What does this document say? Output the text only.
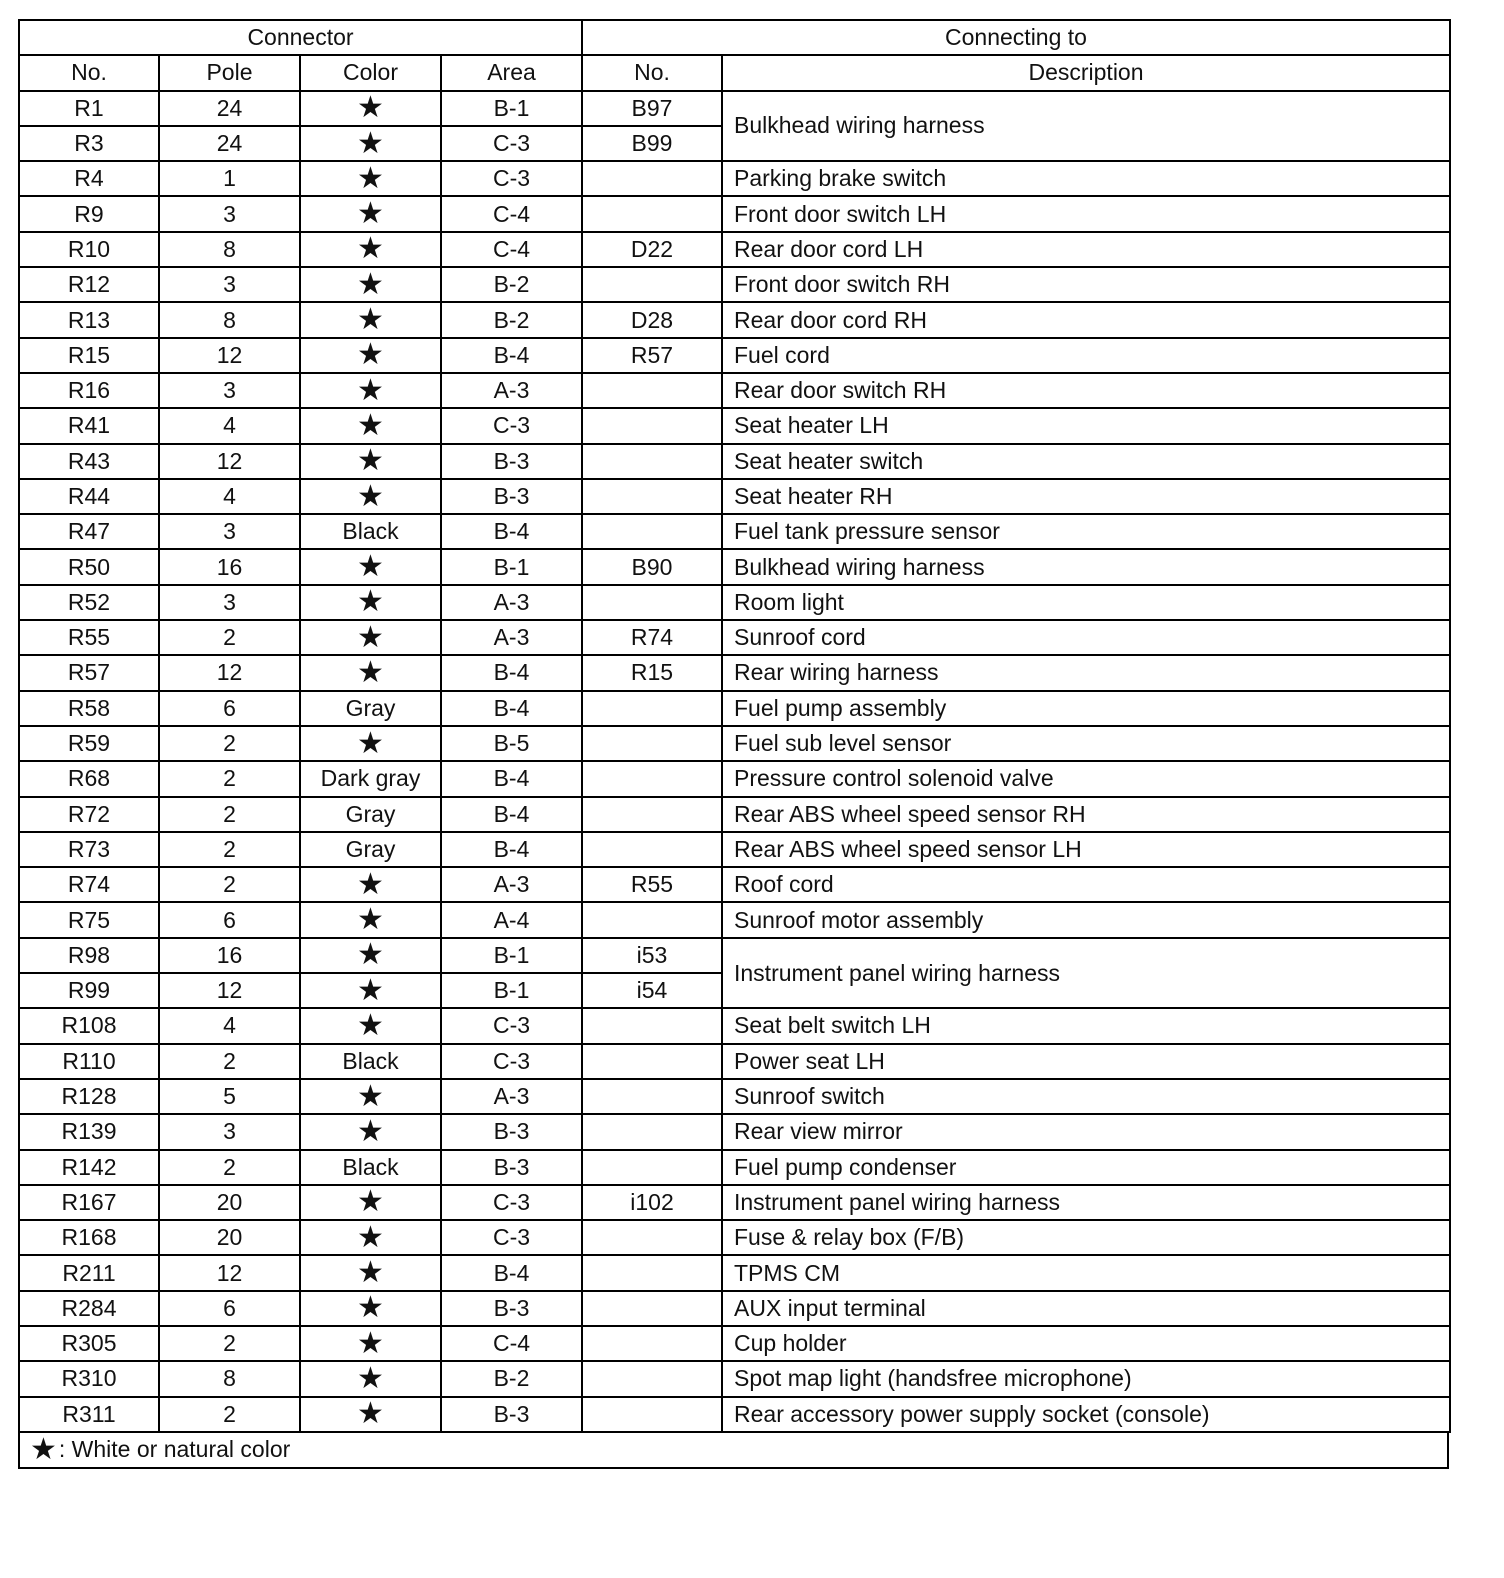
Connector				Connecting to	
No.	Pole	Color	Area	No.	Description
R1	24	★	B-1	B97	Bulkhead wiring harness
R3	24	★	C-3	B99	
R4	1	★	C-3		Parking brake switch
R9	3	★	C-4		Front door switch LH
R10	8	★	C-4	D22	Rear door cord LH
R12	3	★	B-2		Front door switch RH
R13	8	★	B-2	D28	Rear door cord RH
R15	12	★	B-4	R57	Fuel cord
R16	3	★	A-3		Rear door switch RH
R41	4	★	C-3		Seat heater LH
R43	12	★	B-3		Seat heater switch
R44	4	★	B-3		Seat heater RH
R47	3	Black	B-4		Fuel tank pressure sensor
R50	16	★	B-1	B90	Bulkhead wiring harness
R52	3	★	A-3		Room light
R55	2	★	A-3	R74	Sunroof cord
R57	12	★	B-4	R15	Rear wiring harness
R58	6	Gray	B-4		Fuel pump assembly
R59	2	★	B-5		Fuel sub level sensor
R68	2	Dark gray	B-4		Pressure control solenoid valve
R72	2	Gray	B-4		Rear ABS wheel speed sensor RH
R73	2	Gray	B-4		Rear ABS wheel speed sensor LH
R74	2	★	A-3	R55	Roof cord
R75	6	★	A-4		Sunroof motor assembly
R98	16	★	B-1	i53	Instrument panel wiring harness
R99	12	★	B-1	i54	
R108	4	★	C-3		Seat belt switch LH
R110	2	Black	C-3		Power seat LH
R128	5	★	A-3		Sunroof switch
R139	3	★	B-3		Rear view mirror
R142	2	Black	B-3		Fuel pump condenser
R167	20	★	C-3	i102	Instrument panel wiring harness
R168	20	★	C-3		Fuse & relay box (F/B)
R211	12	★	B-4		TPMS CM
R284	6	★	B-3		AUX input terminal
R305	2	★	C-4		Cup holder
R310	8	★	B-2		Spot map light (handsfree microphone)
R311	2	★	B-3		Rear accessory power supply socket (console)
★ : White or natural color
